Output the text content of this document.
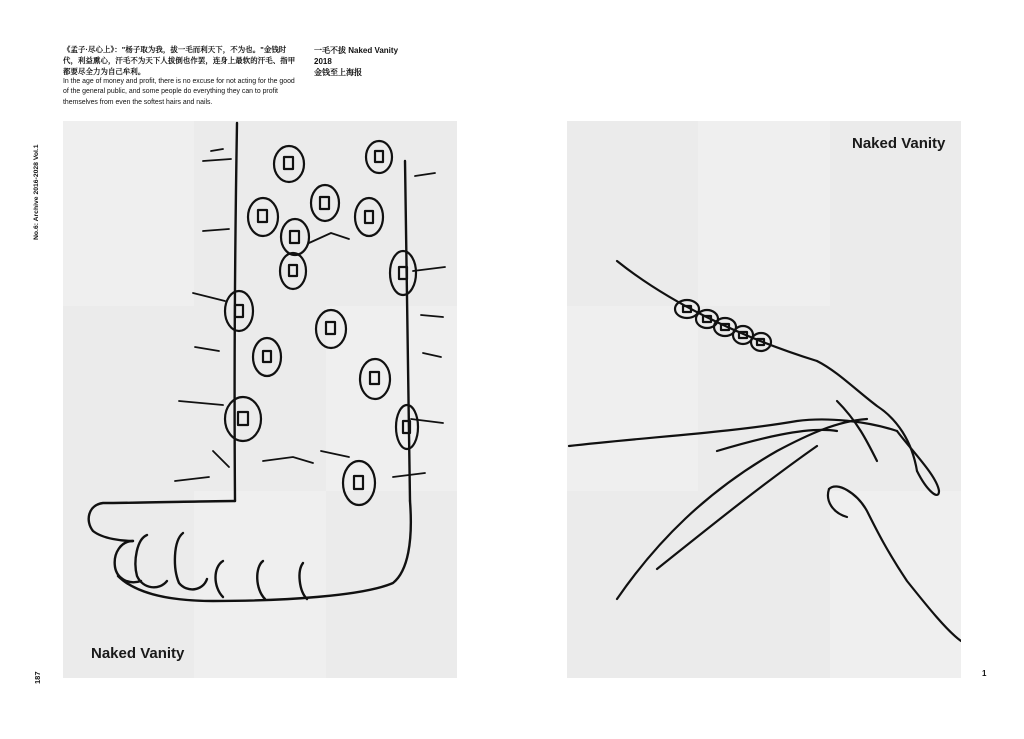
《孟子·尽心上》："杨子取为我，拔一毛而利天下，不为也。"金钱时代，利益熏心，汗毛不为天下人拔倒也作罢，连身上最软的汗毛、指甲都要尽全力为自己牟利。
In the age of money and profit, there is no excuse for not acting for the good of the general public, and some people do everything they can to profit themselves from even the softest hairs and nails.
一毛不拔 Naked Vanity
2018
金钱至上海报
No.6: Archive 2016-2028 Vol.1
187	1
Naked Vanity
Naked Vanity
